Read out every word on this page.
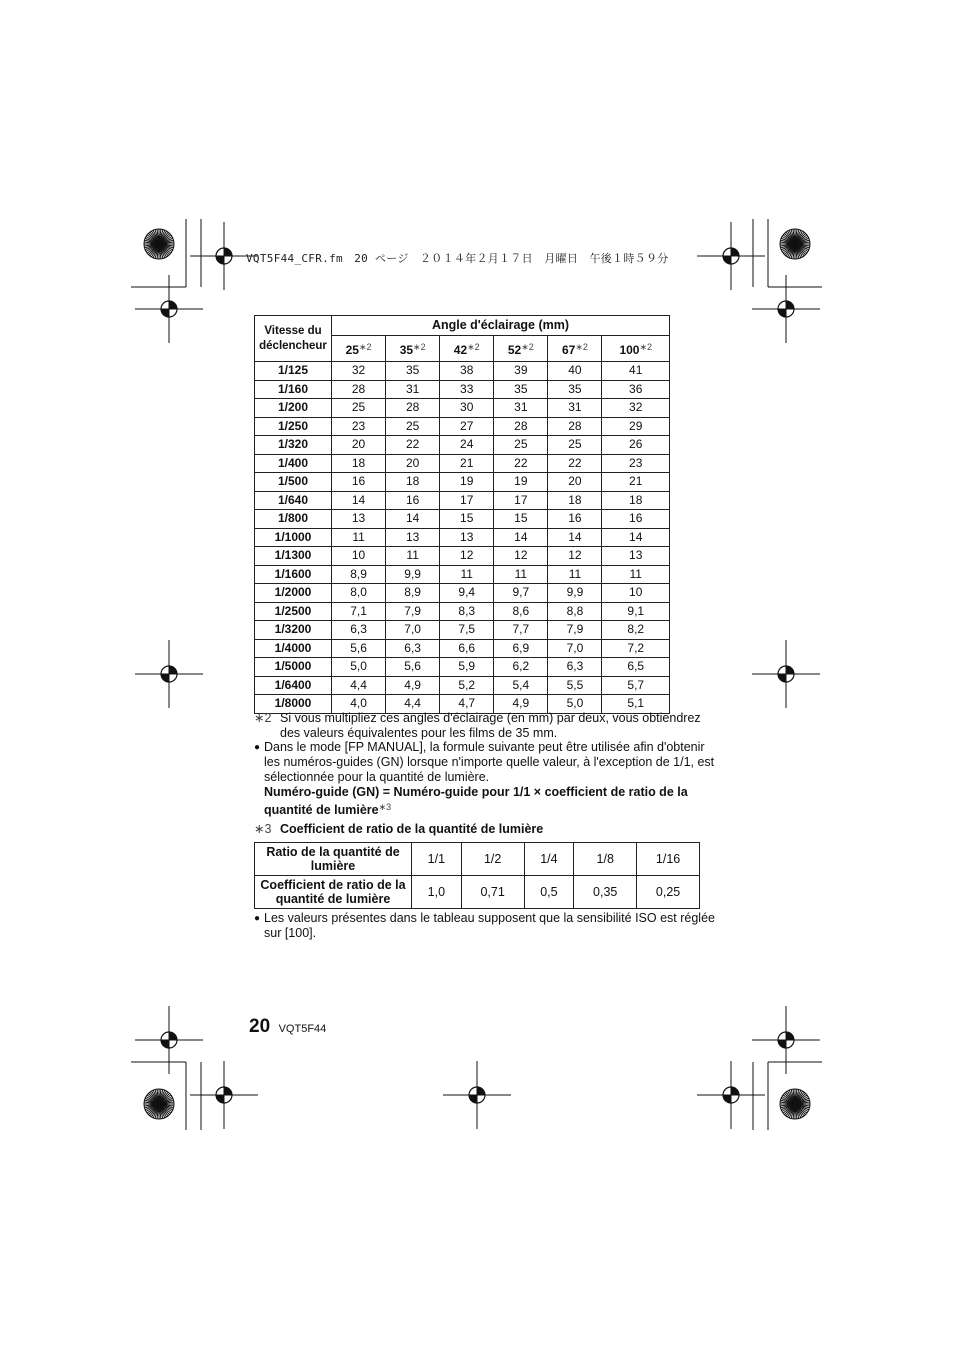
VQT5F44_CFR.fm　20 ページ　２０１４年２月１７日　月曜日　午後１時５９分
Vitesse du déclencheur	Angle d'éclairage (mm)					
	25$^{∗2}$	35$^{∗2}$	42$^{∗2}$	52$^{∗2}$	67$^{∗2}$	100$^{∗2}$
1/125	32	35	38	39	40	41
1/160	28	31	33	35	35	36
1/200	25	28	30	31	31	32
1/250	23	25	27	28	28	29
1/320	20	22	24	25	25	26
1/400	18	20	21	22	22	23
1/500	16	18	19	19	20	21
1/640	14	16	17	17	18	18
1/800	13	14	15	15	16	16
1/1000	11	13	13	14	14	14
1/1300	10	11	12	12	12	13
1/1600	8,9	9,9	11	11	11	11
1/2000	8,0	8,9	9,4	9,7	9,9	10
1/2500	7,1	7,9	8,3	8,6	8,8	9,1
1/3200	6,3	7,0	7,5	7,7	7,9	8,2
1/4000	5,6	6,3	6,6	6,9	7,0	7,2
1/5000	5,0	5,6	5,9	6,2	6,3	6,5
1/6400	4,4	4,9	5,2	5,4	5,5	5,7
1/8000	4,0	4,4	4,7	4,9	5,0	5,1
∗2 Si vous multipliez ces angles d'éclairage (en mm) par deux, vous obtiendrez des valeurs équivalentes pour les films de 35 mm.
● Dans le mode [FP MANUAL], la formule suivante peut être utilisée afin d'obtenir les numéros-guides (GN) lorsque n'importe quelle valeur, à l'exception de 1/1, est sélectionnée pour la quantité de lumière.
Numéro-guide (GN) = Numéro-guide pour 1/1 × coefficient de ratio de la quantité de lumière$^{∗3}$
∗3 Coefficient de ratio de la quantité de lumière
Ratio de la quantité de lumière	1/1	1/2	1/4	1/8	1/16
Coefficient de ratio de la quantité de lumière	1,0	0,71	0,5	0,35	0,25
● Les valeurs présentes dans le tableau supposent que la sensibilité ISO est réglée sur [100].
20 VQT5F44
